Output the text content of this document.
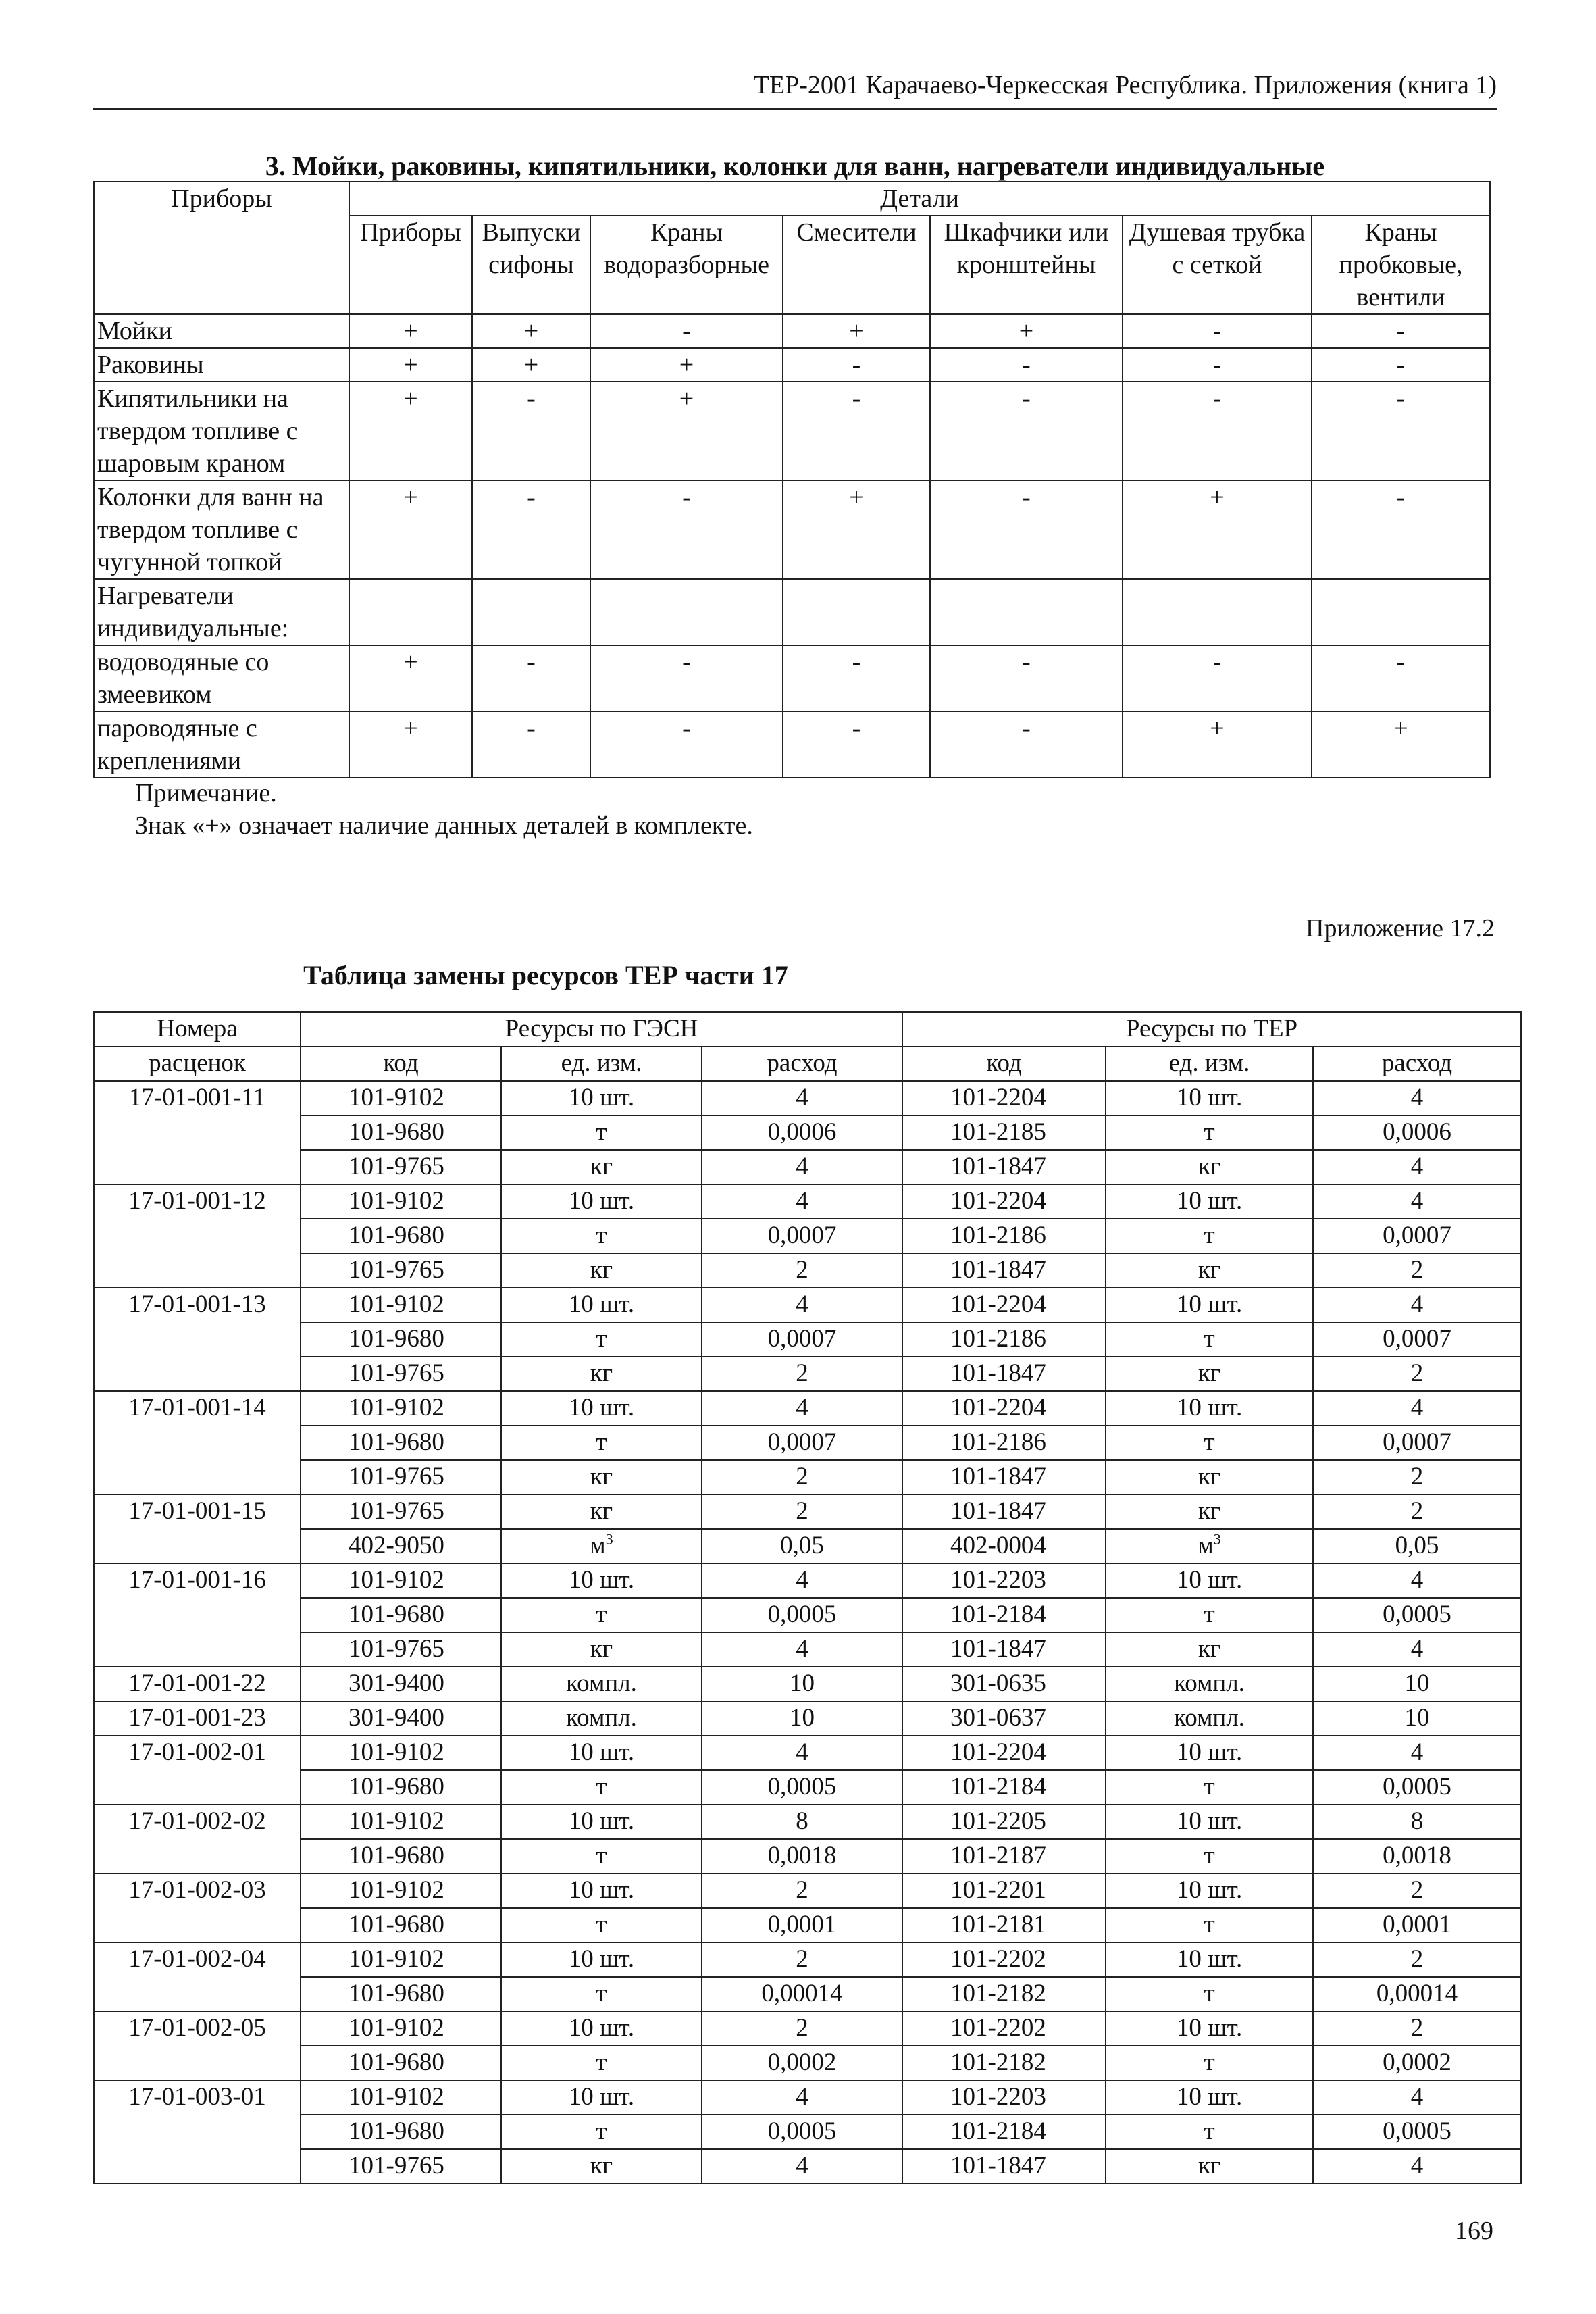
ТЕР-2001 Карачаево-Черкесская Республика. Приложения (книга 1)
3. Мойки, раковины, кипятильники, колонки для ванн, нагреватели индивидуальные
Приборы	Детали						
	Приборы	Выпуски сифоны	Краны водоразборные	Смесители	Шкафчики или кронштейны	Душевая трубка с сеткой	Краны пробковые, вентили
Мойки	+	+	-	+	+	-	-
Раковины	+	+	+	-	-	-	-
Кипятильники на твердом топливе с шаровым краном	+	-	+	-	-	-	-
Колонки для ванн на твердом топливе с чугунной топкой	+	-	-	+	-	+	-
Нагреватели индивидуальные:							
водоводяные со змеевиком	+	-	-	-	-	-	-
пароводяные с креплениями	+	-	-	-	-	+	+
Примечание.
Знак «+» означает наличие данных деталей в комплекте.
Приложение 17.2
Таблица замены ресурсов ТЕР части 17
Номера	Ресурсы по ГЭСН			Ресурсы по ТЕР		
расценок	код	ед. изм.	расход	код	ед. изм.	расход
17-01-001-11	101-9102	10 шт.	4	101-2204	10 шт.	4
	101-9680	т	0,0006	101-2185	т	0,0006
	101-9765	кг	4	101-1847	кг	4
17-01-001-12	101-9102	10 шт.	4	101-2204	10 шт.	4
	101-9680	т	0,0007	101-2186	т	0,0007
	101-9765	кг	2	101-1847	кг	2
17-01-001-13	101-9102	10 шт.	4	101-2204	10 шт.	4
	101-9680	т	0,0007	101-2186	т	0,0007
	101-9765	кг	2	101-1847	кг	2
17-01-001-14	101-9102	10 шт.	4	101-2204	10 шт.	4
	101-9680	т	0,0007	101-2186	т	0,0007
	101-9765	кг	2	101-1847	кг	2
17-01-001-15	101-9765	кг	2	101-1847	кг	2
	402-9050	$м^3$	0,05	402-0004	$м^3$	0,05
17-01-001-16	101-9102	10 шт.	4	101-2203	10 шт.	4
	101-9680	т	0,0005	101-2184	т	0,0005
	101-9765	кг	4	101-1847	кг	4
17-01-001-22	301-9400	компл.	10	301-0635	компл.	10
17-01-001-23	301-9400	компл.	10	301-0637	компл.	10
17-01-002-01	101-9102	10 шт.	4	101-2204	10 шт.	4
	101-9680	т	0,0005	101-2184	т	0,0005
17-01-002-02	101-9102	10 шт.	8	101-2205	10 шт.	8
	101-9680	т	0,0018	101-2187	т	0,0018
17-01-002-03	101-9102	10 шт.	2	101-2201	10 шт.	2
	101-9680	т	0,0001	101-2181	т	0,0001
17-01-002-04	101-9102	10 шт.	2	101-2202	10 шт.	2
	101-9680	т	0,00014	101-2182	т	0,00014
17-01-002-05	101-9102	10 шт.	2	101-2202	10 шт.	2
	101-9680	т	0,0002	101-2182	т	0,0002
17-01-003-01	101-9102	10 шт.	4	101-2203	10 шт.	4
	101-9680	т	0,0005	101-2184	т	0,0005
	101-9765	кг	4	101-1847	кг	4
169
